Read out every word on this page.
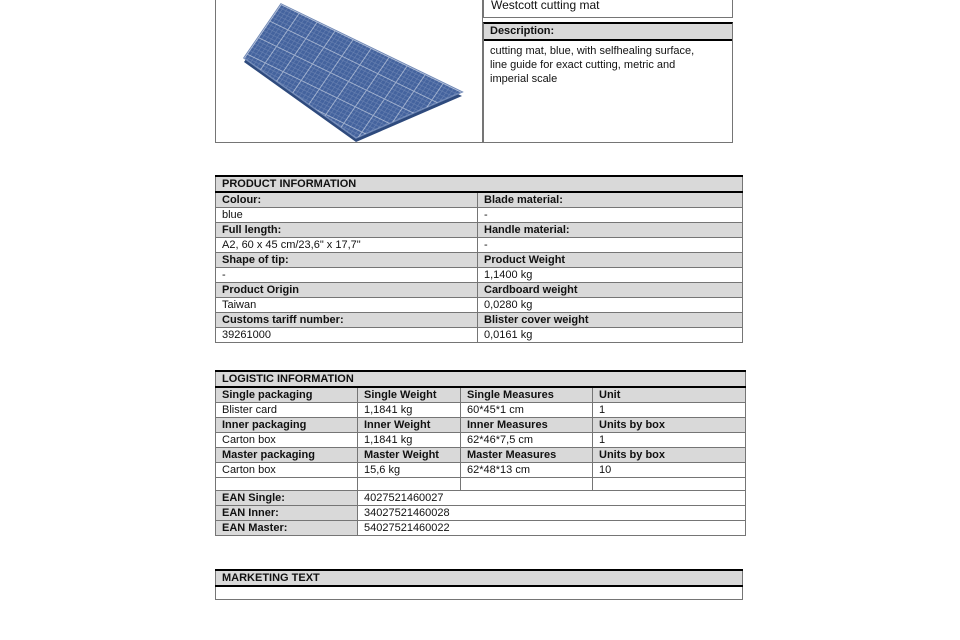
Westcott cutting mat
Description:
cutting mat, blue, with selfhealing surface,
line guide for exact cutting, metric and
imperial scale
PRODUCT INFORMATION	
Colour:	Blade material:
blue	-
Full length:	Handle material:
A2, 60 x 45 cm/23,6" x 17,7"	-
Shape of tip:	Product Weight
-	1,1400 kg
Product Origin	Cardboard weight
Taiwan	0,0280 kg
Customs tariff number:	Blister cover weight
39261000	0,0161 kg
LOGISTIC INFORMATION			
Single packaging	Single Weight	Single Measures	Unit
Blister card	1,1841 kg	60*45*1 cm	1
Inner packaging	Inner Weight	Inner Measures	Units by box
Carton box	1,1841 kg	62*46*7,5 cm	1
Master packaging	Master Weight	Master Measures	Units by box
Carton box	15,6 kg	62*48*13 cm	10

EAN Single:	4027521460027
EAN Inner:	34027521460028
EAN Master:	54027521460022
MARKETING TEXT
